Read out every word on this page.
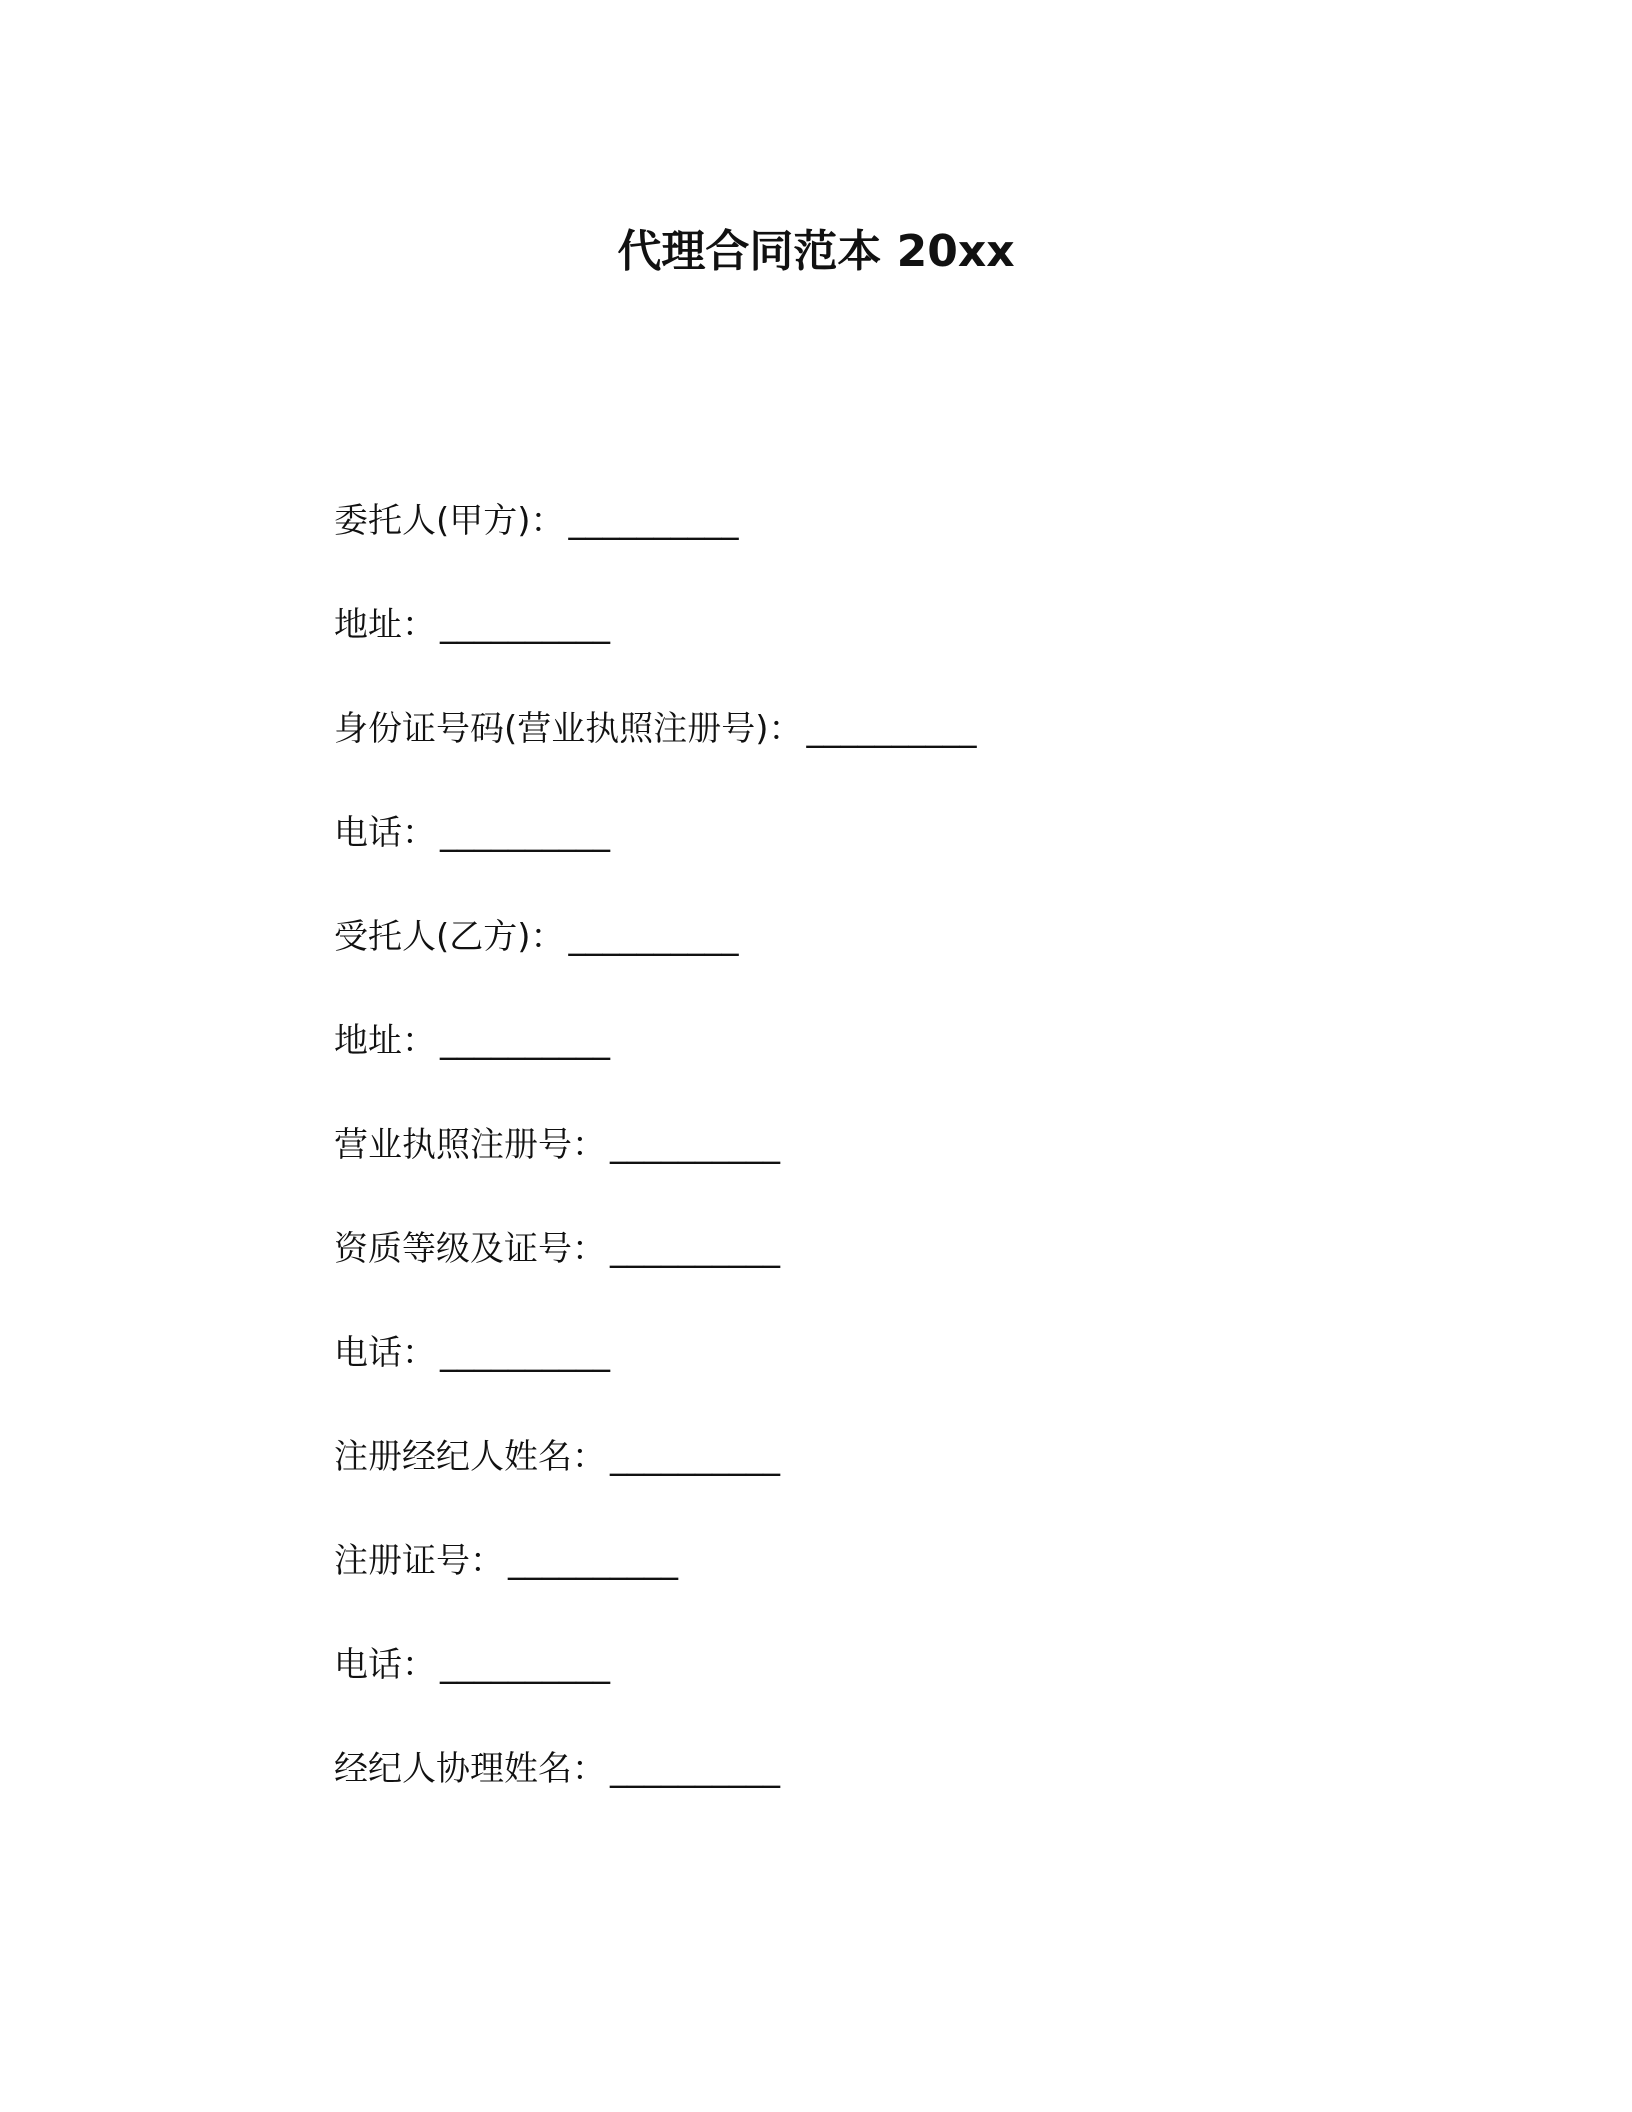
代理合同范本 20xx
委托人(甲方)： __________
地址： __________
身份证号码(营业执照注册号)： __________
电话： __________
受托人(乙方)： __________
地址： __________
营业执照注册号： __________
资质等级及证号： __________
电话： __________
注册经纪人姓名： __________
注册证号： __________
电话： __________
经纪人协理姓名： __________
